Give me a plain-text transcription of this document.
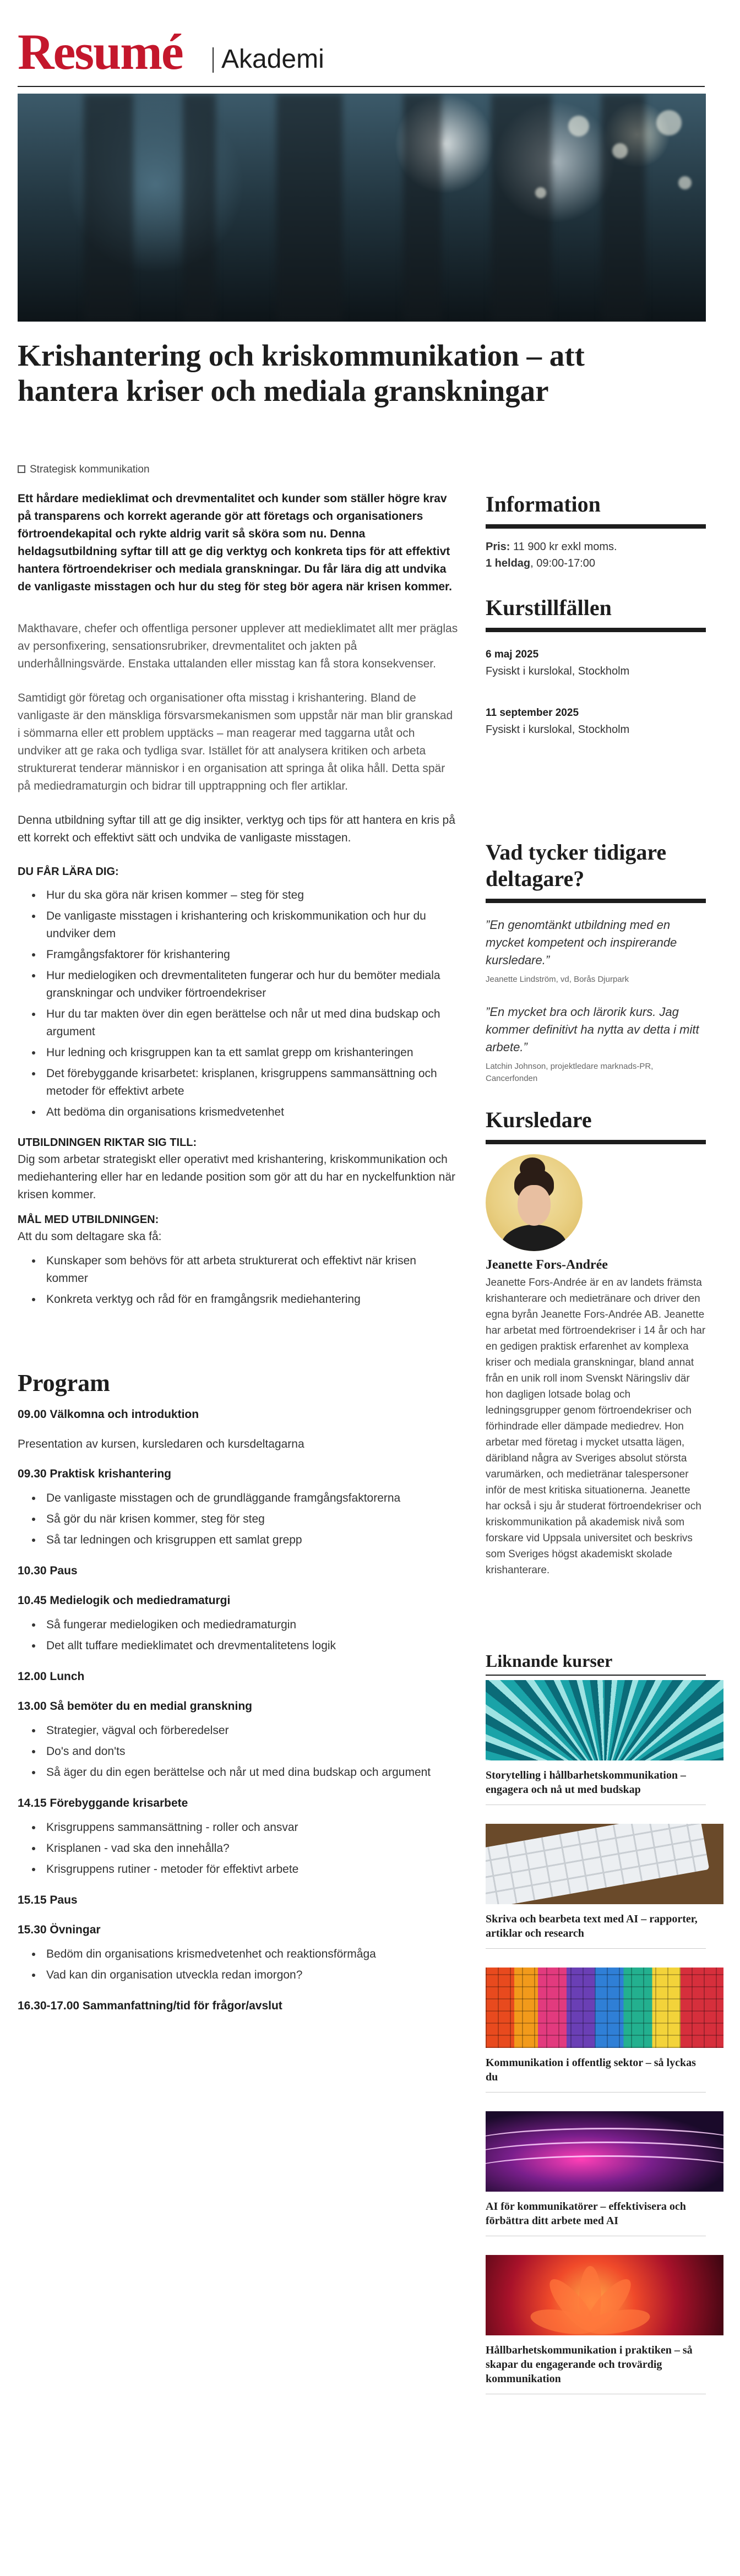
Resumé Akademi
Krishantering och kriskommunikation – att hantera kriser och mediala granskningar
Strategisk kommunikation

Ett hårdare medieklimat och drevmentalitet och kunder som ställer högre krav på transparens och korrekt agerande gör att företags och organisationers förtroendekapital och rykte aldrig varit så sköra som nu. Denna heldagsutbildning syftar till att ge dig verktyg och konkreta tips för att effektivt hantera förtroendekriser och mediala granskningar. Du får lära dig att undvika de vanligaste misstagen och hur du steg för steg bör agera när krisen kommer.

Makthavare, chefer och offentliga personer upplever att medieklimatet allt mer präglas av personfixering, sensationsrubriker, drevmentalitet och jakten på underhållningsvärde. Enstaka uttalanden eller misstag kan få stora konsekvenser.

Samtidigt gör företag och organisationer ofta misstag i krishantering. Bland de vanligaste är den mänskliga försvarsmekanismen som uppstår när man blir granskad i sömmarna eller ett problem upptäcks – man reagerar med taggarna utåt och undviker att ge raka och tydliga svar. Istället för att analysera kritiken och arbeta strukturerat tenderar människor i en organisation att springa åt olika håll. Detta spär på mediedramaturgin och bidrar till upptrappning och fler artiklar.

Denna utbildning syftar till att ge dig insikter, verktyg och tips för att hantera en kris på ett korrekt och effektivt sätt och undvika de vanligaste misstagen.

DU FÅR LÄRA DIG:
Hur du ska göra när krisen kommer – steg för steg
De vanligaste misstagen i krishantering och kriskommunikation och hur du undviker dem
Framgångsfaktorer för krishantering
Hur medielogiken och drevmentaliteten fungerar och hur du bemöter mediala granskningar och undviker förtroendekriser
Hur du tar makten över din egen berättelse och når ut med dina budskap och argument
Hur ledning och krisgruppen kan ta ett samlat grepp om krishanteringen
Det förebyggande krisarbetet: krisplanen, krisgruppens sammansättning och metoder för effektivt arbete
Att bedöma din organisations krismedvetenhet
UTBILDNINGEN RIKTAR SIG TILL:

Dig som arbetar strategiskt eller operativt med krishantering, kriskommunikation och mediehantering eller har en ledande position som gör att du har en nyckelfunktion när krisen kommer.

MÅL MED UTBILDNINGEN:

Att du som deltagare ska få:

Kunskaper som behövs för att arbeta strukturerat och effektivt när krisen kommer
Konkreta verktyg och råd för en framgångsrik mediehantering
Program
09.00 Välkomna och introduktion
Presentation av kursen, kursledaren och kursdeltagarna
09.30 Praktisk krishantering
De vanligaste misstagen och de grundläggande framgångsfaktorerna
Så gör du när krisen kommer, steg för steg
Så tar ledningen och krisgruppen ett samlat grepp
10.30 Paus
10.45 Medielogik och mediedramaturgi
Så fungerar medielogiken och mediedramaturgin
Det allt tuffare medieklimatet och drevmentalitetens logik
12.00 Lunch
13.00 Så bemöter du en medial granskning
Strategier, vägval och förberedelser
Do's and don'ts
Så äger du din egen berättelse och når ut med dina budskap och argument
14.15 Förebyggande krisarbete
Krisgruppens sammansättning - roller och ansvar
Krisplanen - vad ska den innehålla?
Krisgruppens rutiner - metoder för effektivt arbete
15.15 Paus
15.30 Övningar
Bedöm din organisations krismedvetenhet och reaktionsförmåga
Vad kan din organisation utveckla redan imorgon?
16.30-17.00 Sammanfattning/tid för frågor/avslut
Information
Pris: 11 900 kr exkl moms.
1 heldag, 09:00-17:00
Kurstillfällen
6 maj 2025
Fysiskt i kurslokal, Stockholm
11 september 2025
Fysiskt i kurslokal, Stockholm
Vad tycker tidigare deltagare?

”En genomtänkt utbildning med en mycket kompetent och inspirerande kursledare.”

Jeanette Lindström, vd, Borås Djurpark

”En mycket bra och lärorik kurs. Jag kommer definitivt ha nytta av detta i mitt arbete.”

Latchin Johnson, projektledare marknads-PR, Cancerfonden

Kursledare
Jeanette Fors-Andrée

Jeanette Fors-Andrée är en av landets främsta krishanterare och medietränare och driver den egna byrån Jeanette Fors-Andrée AB. Jeanette har arbetat med förtroendekriser i 14 år och har en gedigen praktisk erfarenhet av komplexa kriser och mediala granskningar, bland annat från en unik roll inom Svenskt Näringsliv där hon dagligen lotsade bolag och ledningsgrupper genom förtroendekriser och förhindrade eller dämpade mediedrev. Hon arbetar med företag i mycket utsatta lägen, däribland några av Sveriges absolut största varumärken, och medietränar talespersoner inför de mest kritiska situationerna. Jeanette har också i sju år studerat förtroendekriser och kriskommunikation på akademisk nivå som forskare vid Uppsala universitet och beskrivs som Sveriges högst akademiskt skolade krishanterare.

Liknande kurser
Storytelling i hållbarhetskommunikation – engagera och nå ut med budskap
Skriva och bearbeta text med AI – rapporter, artiklar och research
Kommunikation i offentlig sektor – så lyckas du
AI för kommunikatörer – effektivisera och förbättra ditt arbete med AI
Hållbarhetskommunikation i praktiken – så skapar du engagerande och trovärdig kommunikation
